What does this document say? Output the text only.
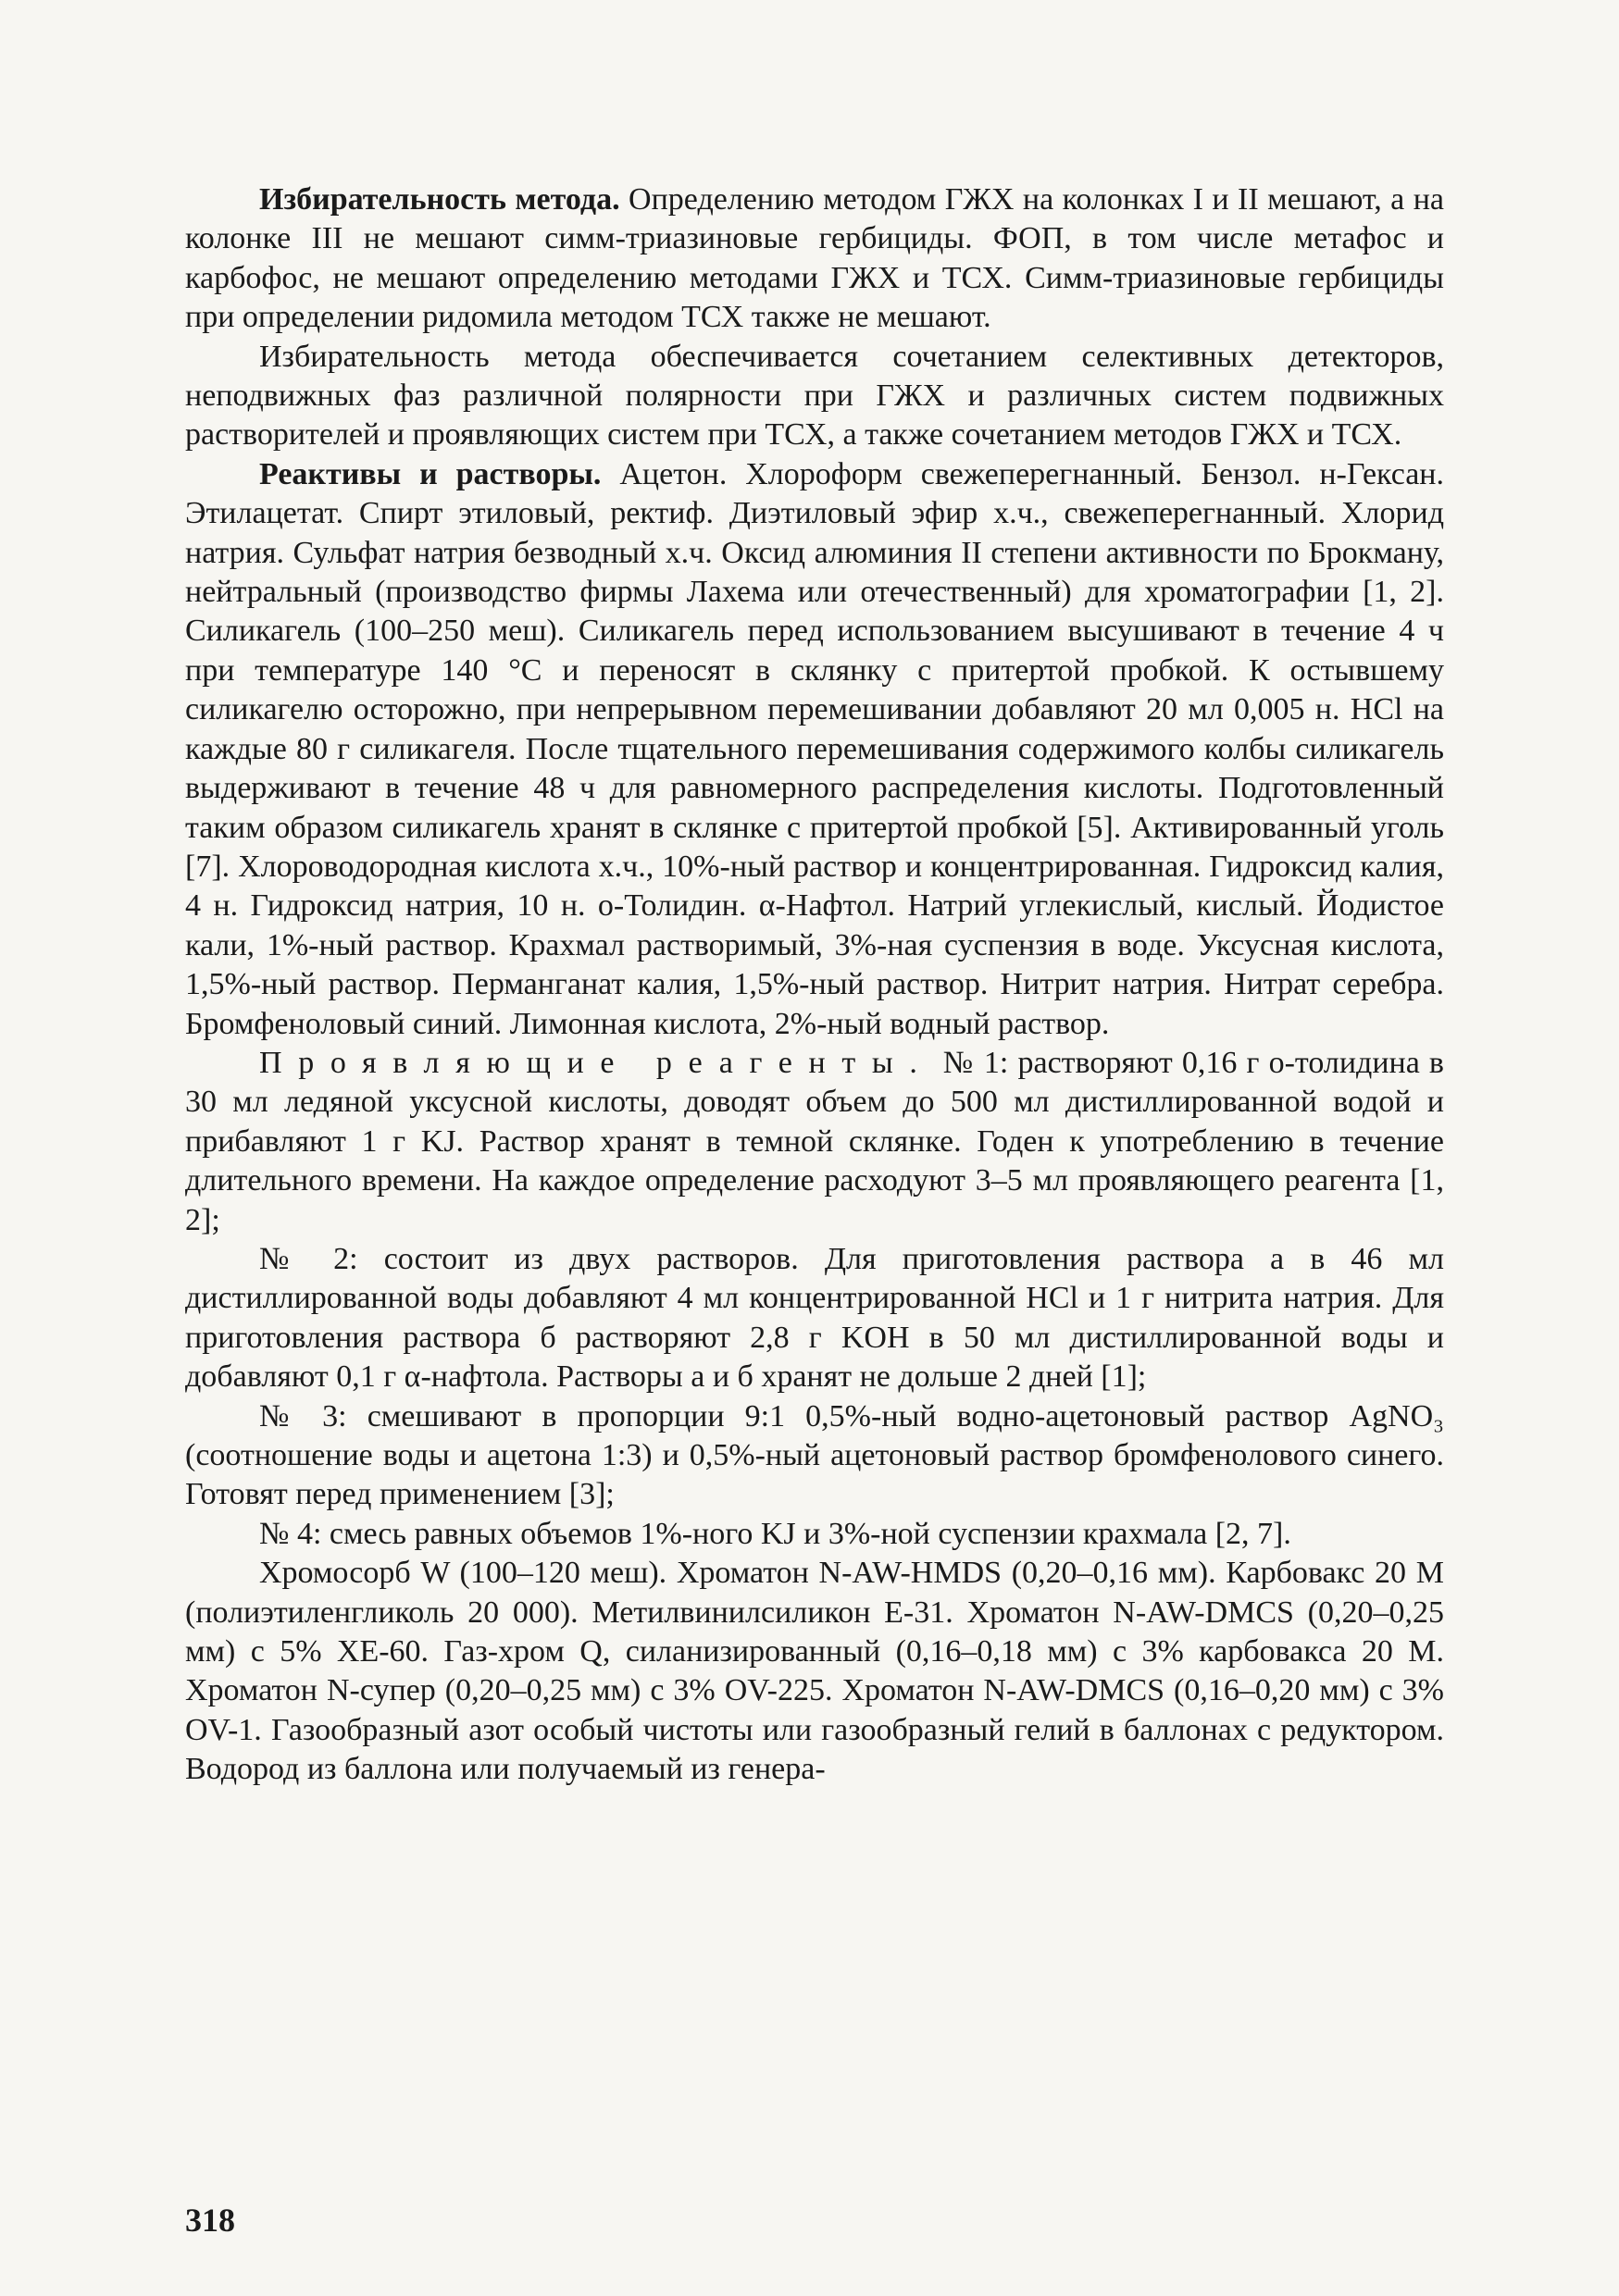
Избирательность метода. Определению методом ГЖХ на колонках I и II мешают, а на колонке III не мешают симм-триазиновые гербициды. ФОП, в том числе метафос и карбофос, не мешают определению методами ГЖХ и ТСХ. Симм-триазиновые гербициды при определении ридомила методом ТСХ также не мешают.

Избирательность метода обеспечивается сочетанием селективных детекторов, неподвижных фаз различной полярности при ГЖХ и различных систем подвижных растворителей и проявляющих систем при ТСХ, а также сочетанием методов ГЖХ и ТСХ.

Реактивы и растворы. Ацетон. Хлороформ свежеперегнанный. Бензол. н-Гексан. Этилацетат. Спирт этиловый, ректиф. Диэтиловый эфир х.ч., свежеперегнанный. Хлорид натрия. Сульфат натрия безводный х.ч. Оксид алюминия II степени активности по Брокману, нейтральный (производство фирмы Лахема или отечественный) для хроматографии [1, 2]. Силикагель (100–250 меш). Силикагель перед использованием высушивают в течение 4 ч при температуре 140 °С и переносят в склянку с притертой пробкой. К остывшему силикагелю осторожно, при непрерывном перемешивании добавляют 20 мл 0,005 н. HCl на каждые 80 г силикагеля. После тщательного перемешивания содержимого колбы силикагель выдерживают в течение 48 ч для равномерного распределения кислоты. Подготовленный таким образом силикагель хранят в склянке с притертой пробкой [5]. Активированный уголь [7]. Хлороводородная кислота х.ч., 10%-ный раствор и концентрированная. Гидроксид калия, 4 н. Гидроксид натрия, 10 н. о-Толидин. α-Нафтол. Натрий углекислый, кислый. Йодистое кали, 1%-ный раствор. Крахмал растворимый, 3%-ная суспензия в воде. Уксусная кислота, 1,5%-ный раствор. Перманганат калия, 1,5%-ный раствор. Нитрит натрия. Нитрат серебра. Бромфеноловый синий. Лимонная кислота, 2%-ный водный раствор.

Проявляющие реагенты. № 1: растворяют 0,16 г о-толидина в 30 мл ледяной уксусной кислоты, доводят объем до 500 мл дистиллированной водой и прибавляют 1 г KJ. Раствор хранят в темной склянке. Годен к употреблению в течение длительного времени. На каждое определение расходуют 3–5 мл проявляющего реагента [1, 2];

№ 2: состоит из двух растворов. Для приготовления раствора а в 46 мл дистиллированной воды добавляют 4 мл концентрированной HCl и 1 г нитрита натрия. Для приготовления раствора б растворяют 2,8 г KOH в 50 мл дистиллированной воды и добавляют 0,1 г α-нафтола. Растворы а и б хранят не дольше 2 дней [1];

№ 3: смешивают в пропорции 9:1 0,5%-ный водно-ацетоновый раствор AgNO₃ (соотношение воды и ацетона 1:3) и 0,5%-ный ацетоновый раствор бромфенолового синего. Готовят перед применением [3];

№ 4: смесь равных объемов 1%-ного KJ и 3%-ной суспензии крахмала [2, 7].

Хромосорб W (100–120 меш). Хроматон N-AW-HMDS (0,20–0,16 мм). Карбовакс 20 М (полиэтиленгликоль 20 000). Метилвинилсиликон Е-31. Хроматон N-AW-DMCS (0,20–0,25 мм) с 5% XE-60. Газ-хром Q, силанизированный (0,16–0,18 мм) с 3% карбовакса 20 М. Хроматон N-супер (0,20–0,25 мм) с 3% OV-225. Хроматон N-AW-DMCS (0,16–0,20 мм) с 3% OV-1. Газообразный азот особый чистоты или газообразный гелий в баллонах с редуктором. Водород из баллона или получаемый из генера-

318
